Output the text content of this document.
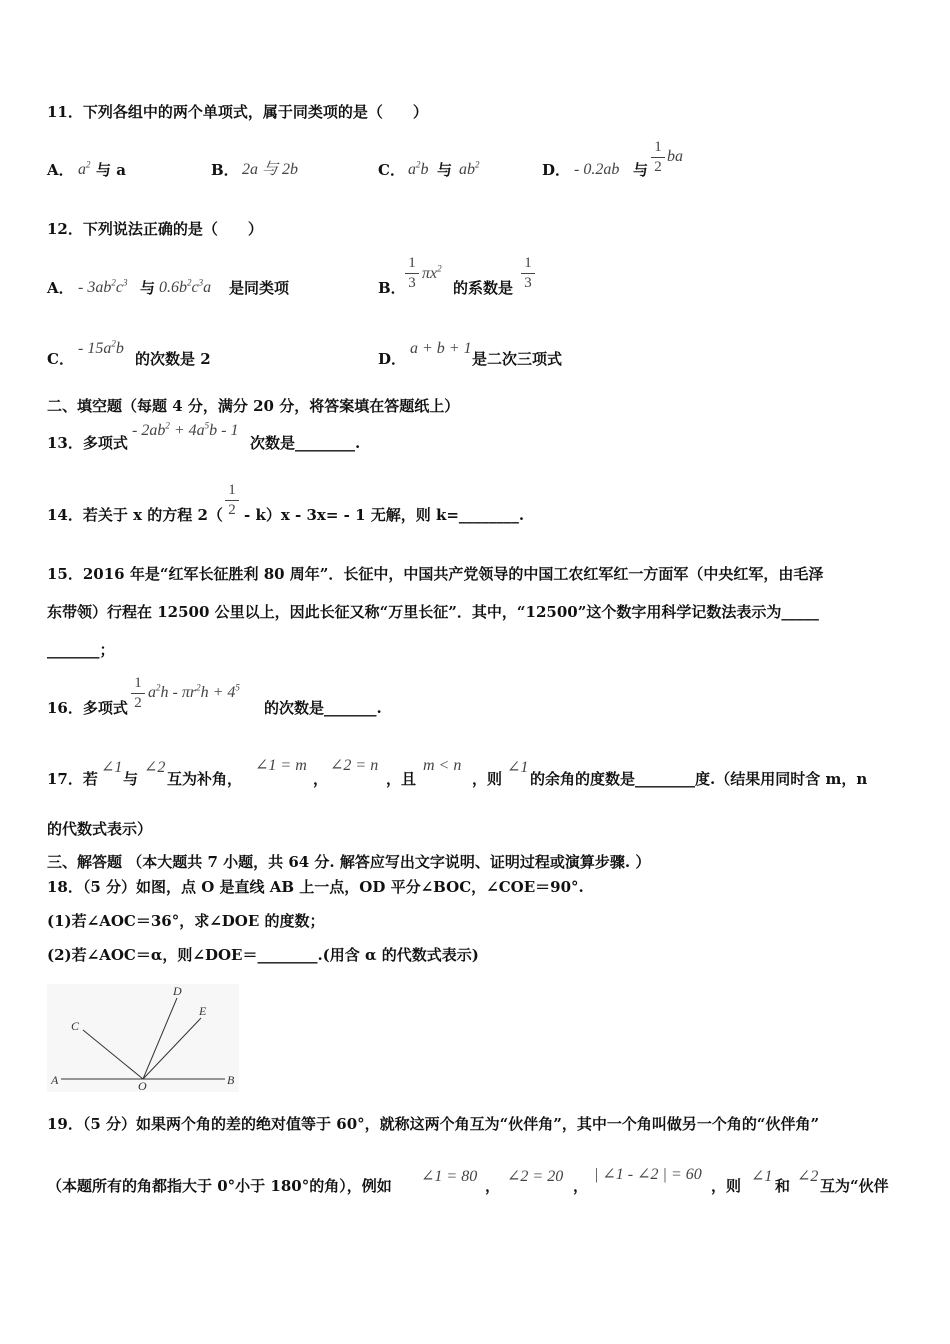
11．下列各组中的两个单项式，属于同类项的是（　　）
A． $a^2$ 与 a	B． 2a 与 2b	C． $a^2b$ 与 $ab^2$	D． - 0.2ab 与
1
2
ba
12．下列说法正确的是（　　）
A． - $3ab^2c^3$ 与 $0.6b^2c^3a$ 是同类项	B．
1
3
$\pi x^2$
的系数是
1
3
C．
- $15a^2b$
的次数是 2	D．
a + b + 1
是二次三项式
二、填空题（每题 4 分，满分 20 分，将答案填在答题纸上）
13．多项式
- $2ab^2 + 4a^5b - 1$
次数是________.
14．若关于 x 的方程 2（
1
2 - k）x - 3x= - 1 无解，则 k=________.
15．2016 年是“红军长征胜利 80 周年”．长征中，中国共产党领导的中国工农红军红一方面军（中央红军，由毛泽
东带领）行程在 12500 公里以上，因此长征又称“万里长征”．其中，“12500”这个数字用科学记数法表示为_____
_______；
16．多项式
1
2
$a^2h - \pi r^2h + 4^5$
的次数是_______.
17．若
∠1
与
∠2
互为补角，
∠1 = m
，
∠2 = n
，且
m < n
，则
∠1
的余角的度数是________度.（结果用同时含 m，n
的代数式表示）
三、解答题 （本大题共 7 小题，共 64 分. 解答应写出文字说明、证明过程或演算步骤. ）
18．（5 分）如图，点 O 是直线 AB 上一点，OD 平分∠BOC，∠COE＝90°.
(1)若∠AOC＝36°，求∠DOE 的度数；
(2)若∠AOC＝α，则∠DOE＝________.(用含 α 的代数式表示)
A	B
C
D
E
O
19．（5 分）如果两个角的差的绝对值等于 60°，就称这两个角互为“伙伴角”，其中一个角叫做另一个角的“伙伴角”
（本题所有的角都指大于 0°小于 180°的角），例如
∠1 = 80
，
∠2 = 20
，
| ∠1 - ∠2 | = 60
，则
∠1
和
∠2
互为“伙伴
